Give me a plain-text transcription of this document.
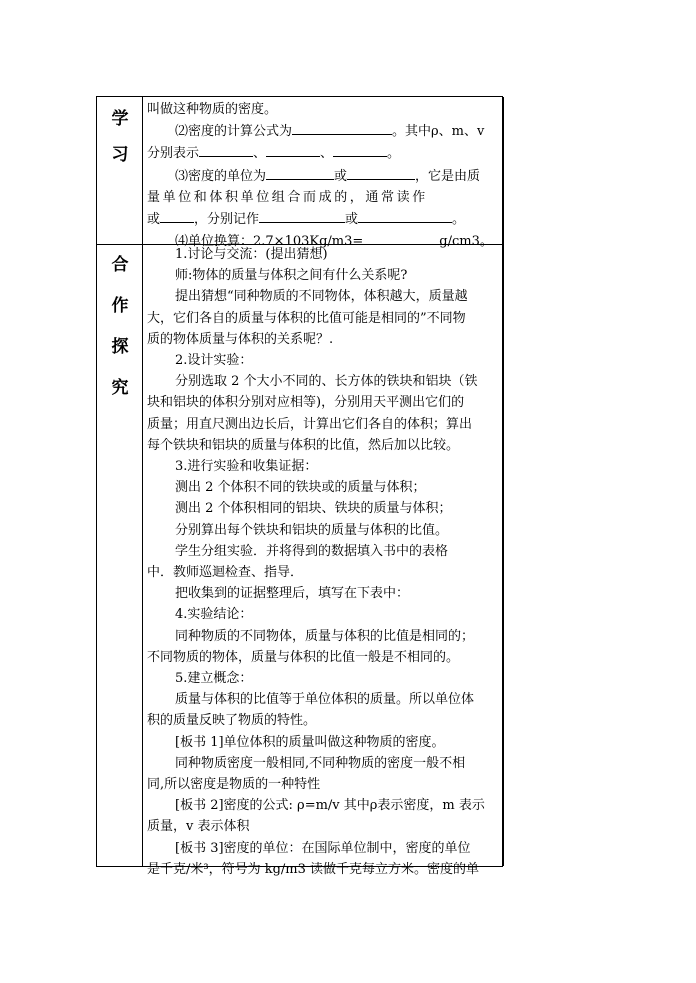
学
习

叫做这种物质的密度。

⑵密度的计算公式为	。其中ρ、m、v

分别表示	、	、	。

⑶密度的单位为	或	，它是由质

量单位和体积单位组合而成的，通常读作

或	，分别记作	或	。

⑷单位换算：2.7×103Kg/m3=	g/cm3。

合
作
探
究

1.讨论与交流：(提出猜想)

师:物体的质量与体积之间有什么关系呢?

提出猜想“同种物质的不同物体，体积越大，质量越

大，它们各自的质量与体积的比值可能是相同的”不同物

质的物体质量与体积的关系呢？.

2.设计实验：

分别选取 2 个大小不同的、长方体的铁块和铝块（铁

块和铝块的体积分别对应相等)，分别用天平测出它们的

质量；用直尺测出边长后，计算出它们各自的体积；算出

每个铁块和铝块的质量与体积的比值，然后加以比较。

3.进行实验和收集证据：

测出 2 个体积不同的铁块或的质量与体积；

测出 2 个体积相同的铝块、铁块的质量与体积；

分别算出每个铁块和铝块的质量与体积的比值。

学生分组实验．并将得到的数据填入书中的表格

中．教师巡迴检查、指导．

把收集到的证据整理后，填写在下表中：

4.实验结论：

同种物质的不同物体，质量与体积的比值是相同的；

不同物质的物体，质量与体积的比值一般是不相同的。

5.建立概念：

质量与体积的比值等于单位体积的质量。所以单位体

积的质量反映了物质的特性。

[板书 1]单位体积的质量叫做这种物质的密度。

同种物质密度一般相同,不同种物质的密度一般不相

同,所以密度是物质的一种特性

[板书 2]密度的公式: ρ=m/v 其中ρ表示密度，m 表示

质量，v 表示体积

[板书 3]密度的单位：在国际单位制中，密度的单位

是千克/米³，符号为 kg/m3 读做千克每立方米。密度的单
